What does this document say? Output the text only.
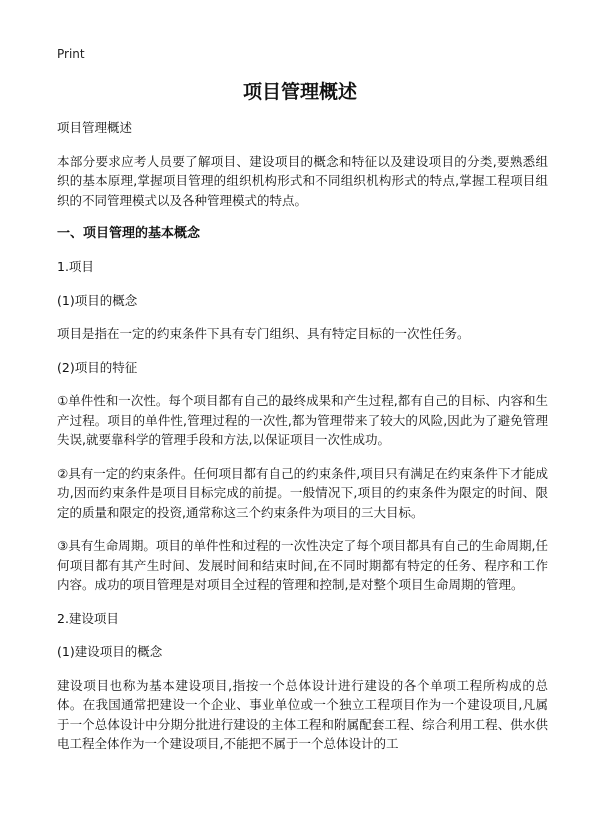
Print
项目管理概述

项目管理概述

本部分要求应考人员要了解项目、建设项目的概念和特征以及建设项目的分类,要熟悉组织的基本原理,掌握项目管理的组织机构形式和不同组织机构形式的特点,掌握工程项目组织的不同管理模式以及各种管理模式的特点。

一、项目管理的基本概念

1.项目

(1)项目的概念

项目是指在一定的约束条件下具有专门组织、具有特定目标的一次性任务。

(2)项目的特征

①单件性和一次性。每个项目都有自己的最终成果和产生过程,都有自己的目标、内容和生产过程。项目的单件性,管理过程的一次性,都为管理带来了较大的风险,因此为了避免管理失误,就要靠科学的管理手段和方法,以保证项目一次性成功。

②具有一定的约束条件。任何项目都有自己的约束条件,项目只有满足在约束条件下才能成功,因而约束条件是项目目标完成的前提。一般情况下,项目的约束条件为限定的时间、限定的质量和限定的投资,通常称这三个约束条件为项目的三大目标。

③具有生命周期。项目的单件性和过程的一次性决定了每个项目都具有自己的生命周期,任何项目都有其产生时间、发展时间和结束时间,在不同时期都有特定的任务、程序和工作内容。成功的项目管理是对项目全过程的管理和控制,是对整个项目生命周期的管理。

2.建设项目

(1)建设项目的概念

建设项目也称为基本建设项目,指按一个总体设计进行建设的各个单项工程所构成的总体。在我国通常把建设一个企业、事业单位或一个独立工程项目作为一个建设项目,凡属于一个总体设计中分期分批进行建设的主体工程和附属配套工程、综合利用工程、供水供电工程全体作为一个建设项目,不能把不属于一个总体设计的工
